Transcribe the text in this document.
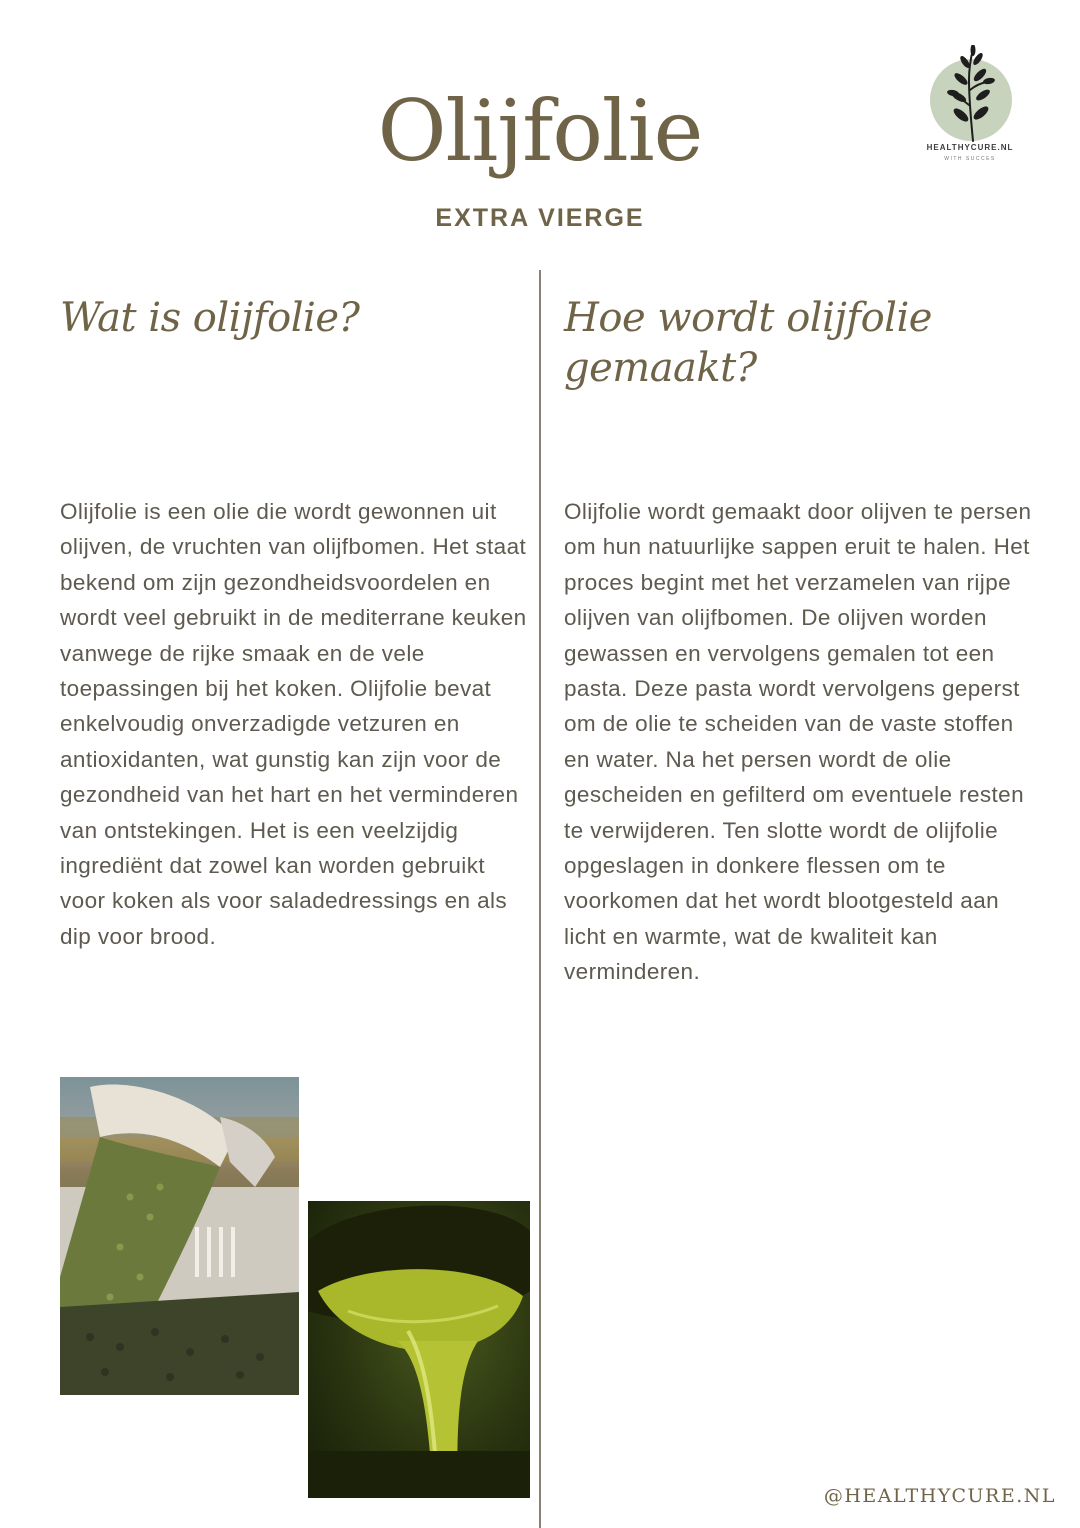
Olijfolie
EXTRA VIERGE
HEALTHYCURE.NL
WITH SUCCES
Wat is olijfolie?

Olijfolie is een olie die wordt gewonnen uit olijven, de vruchten van olijfbomen. Het staat bekend om zijn gezondheidsvoordelen en wordt veel gebruikt in de mediterrane keuken vanwege de rijke smaak en de vele toepassingen bij het koken. Olijfolie bevat enkelvoudig onverzadigde vetzuren en antioxidanten, wat gunstig kan zijn voor de gezondheid van het hart en het verminderen van ontstekingen. Het is een veelzijdig ingrediënt dat zowel kan worden gebruikt voor koken als voor saladedressings en als dip voor brood.

Hoe wordt olijfolie gemaakt?

Olijfolie wordt gemaakt door olijven te persen om hun natuurlijke sappen eruit te halen. Het proces begint met het verzamelen van rijpe olijven van olijfbomen. De olijven worden gewassen en vervolgens gemalen tot een pasta. Deze pasta wordt vervolgens geperst om de olie te scheiden van de vaste stoffen en water. Na het persen wordt de olie gescheiden en gefilterd om eventuele resten te verwijderen. Ten slotte wordt de olijfolie opgeslagen in donkere flessen om te voorkomen dat het wordt blootgesteld aan licht en warmte, wat de kwaliteit kan verminderen.

@HEALTHYCURE.NL
